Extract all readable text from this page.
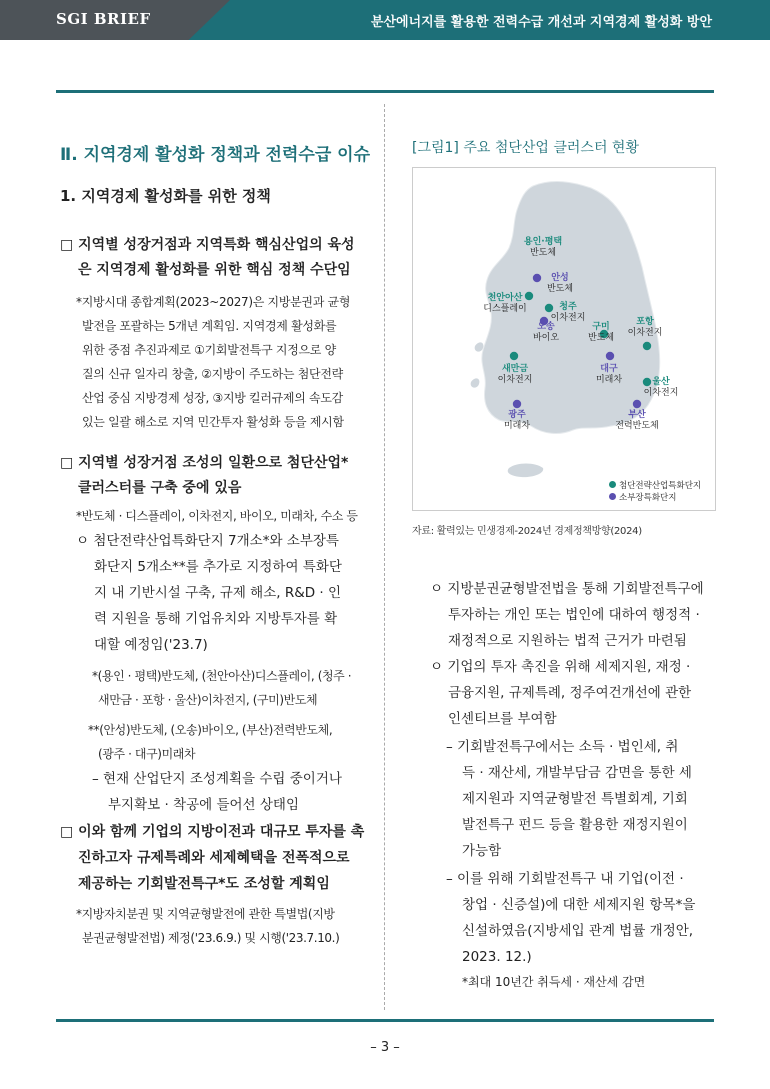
SGI BRIEF	분산에너지를 활용한 전력수급 개선과 지역경제 활성화 방안
Ⅱ. 지역경제 활성화 정책과 전력수급 이슈
1. 지역경제 활성화를 위한 정책
□ 지역별 성장거점과 지역특화 핵심산업의 육성
은 지역경제 활성화를 위한 핵심 정책 수단임
*지방시대 종합계획(2023~2027)은 지방분권과 균형
발전을 포괄하는 5개년 계획임. 지역경제 활성화를
위한 중점 추진과제로 ①기회발전특구 지정으로 양
질의 신규 일자리 창출, ②지방이 주도하는 첨단전략
산업 중심 지방경제 성장, ③지방 킬러규제의 속도감
있는 일괄 해소로 지역 민간투자 활성화 등을 제시함
□ 지역별 성장거점 조성의 일환으로 첨단산업*
클러스터를 구축 중에 있음
*반도체 · 디스플레이, 이차전지, 바이오, 미래차, 수소 등
ㅇ 첨단전략산업특화단지 7개소*와 소부장특
화단지 5개소**를 추가로 지정하여 특화단
지 내 기반시설 구축, 규제 해소, R&D · 인
력 지원을 통해 기업유치와 지방투자를 확
대할 예정임('23.7)
*(용인 · 평택)반도체, (천안아산)디스플레이, (청주 ·
새만금 · 포항 · 울산)이차전지, (구미)반도체
**(안성)반도체, (오송)바이오, (부산)전력반도체,
(광주 · 대구)미래차
– 현재 산업단지 조성계획을 수립 중이거나
부지확보 · 착공에 들어선 상태임
□ 이와 함께 기업의 지방이전과 대규모 투자를 촉
진하고자 규제특례와 세제혜택을 전폭적으로
제공하는 기회발전특구*도 조성할 계획임
*지방자치분권 및 지역균형발전에 관한 특별법(지방
분권균형발전법) 제정('23.6.9.) 및 시행('23.7.10.)
[그림1] 주요 첨단산업 클러스터 현황
용인·평택
반도체
안성
반도체
천안아산
디스플레이	청주
이차전지
오송
바이오
구미
반도체
포항
이차전지
새만금
이차전지
대구
미래차	울산
이차전지
광주
미래차
부산
전력반도체
첨단전략산업특화단지
소부장특화단지
자료: 활력있는 민생경제-2024년 경제정책방향(2024)
ㅇ 지방분권균형발전법을 통해 기회발전특구에
투자하는 개인 또는 법인에 대하여 행정적 ·
재정적으로 지원하는 법적 근거가 마련됨
ㅇ 기업의 투자 촉진을 위해 세제지원, 재정 ·
금융지원, 규제특례, 정주여건개선에 관한
인센티브를 부여함
– 기회발전특구에서는 소득 · 법인세, 취
득 · 재산세, 개발부담금 감면을 통한 세
제지원과 지역균형발전 특별회계, 기회
발전특구 펀드 등을 활용한 재정지원이
가능함
– 이를 위해 기회발전특구 내 기업(이전 ·
창업 · 신증설)에 대한 세제지원 항목*을
신설하였음(지방세입 관계 법률 개정안,
2023. 12.)
*최대 10년간 취득세 · 재산세 감면
– 3 –
